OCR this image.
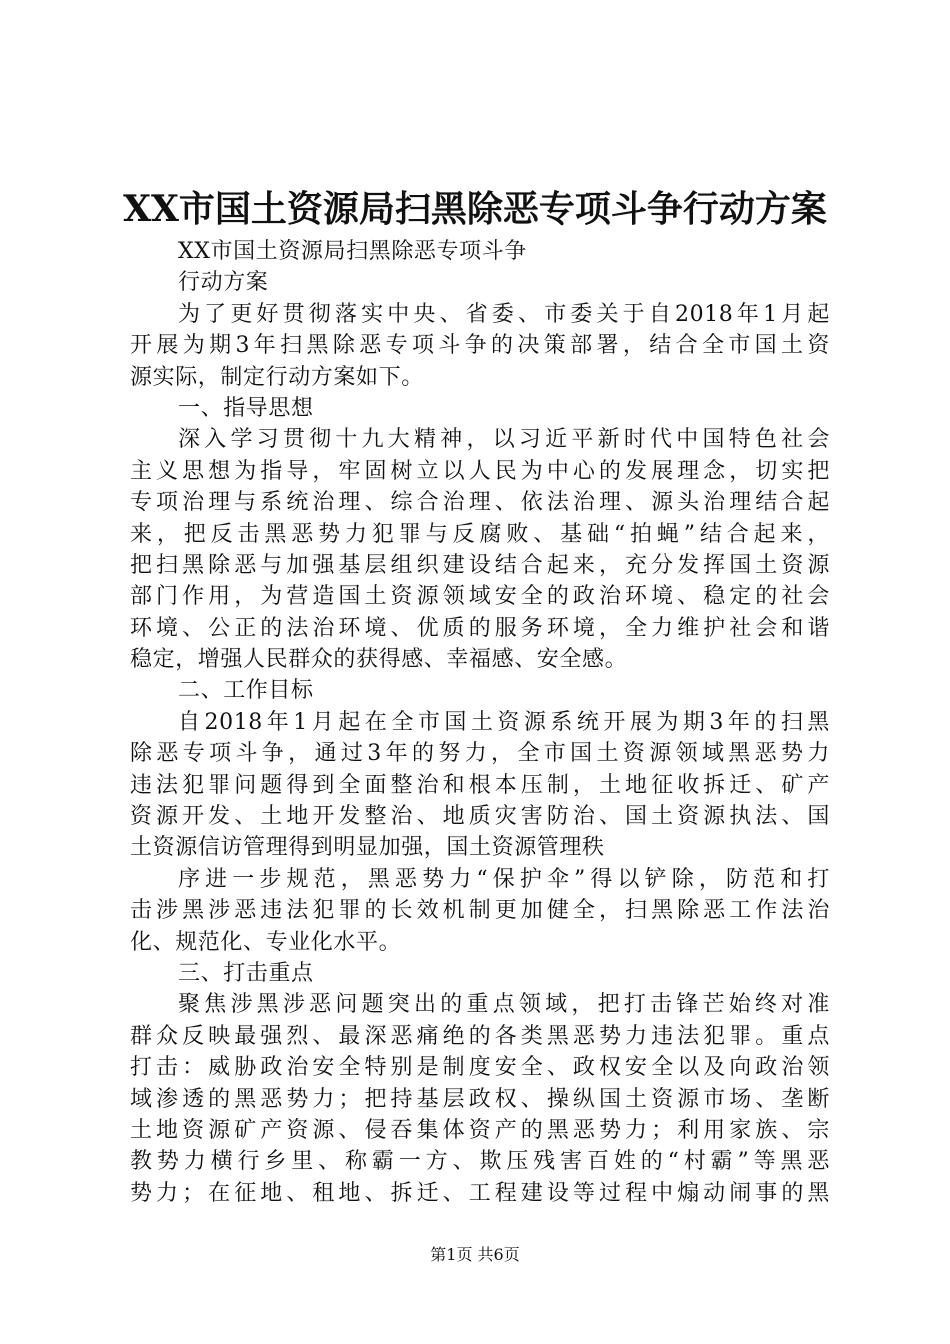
XX市国土资源局扫黑除恶专项斗争行动方案
XX市国土资源局扫黑除恶专项斗争
行动方案
为了更好贯彻落实中央、省委、市委关于自2018年1月起
开展为期3年扫黑除恶专项斗争的决策部署，结合全市国土资
源实际，制定行动方案如下。
一、指导思想
深入学习贯彻十九大精神，以习近平新时代中国特色社会
主义思想为指导，牢固树立以人民为中心的发展理念，切实把
专项治理与系统治理、综合治理、依法治理、源头治理结合起
来，把反击黑恶势力犯罪与反腐败、基础“拍蝇”结合起来，
把扫黑除恶与加强基层组织建设结合起来，充分发挥国土资源
部门作用，为营造国土资源领域安全的政治环境、稳定的社会
环境、公正的法治环境、优质的服务环境，全力维护社会和谐
稳定，增强人民群众的获得感、幸福感、安全感。
二、工作目标
自2018年1月起在全市国土资源系统开展为期3年的扫黑
除恶专项斗争，通过3年的努力，全市国土资源领域黑恶势力
违法犯罪问题得到全面整治和根本压制，土地征收拆迁、矿产
资源开发、土地开发整治、地质灾害防治、国土资源执法、国
土资源信访管理得到明显加强，国土资源管理秩
序进一步规范，黑恶势力“保护伞”得以铲除，防范和打
击涉黑涉恶违法犯罪的长效机制更加健全，扫黑除恶工作法治
化、规范化、专业化水平。
三、打击重点
聚焦涉黑涉恶问题突出的重点领域，把打击锋芒始终对准
群众反映最强烈、最深恶痛绝的各类黑恶势力违法犯罪。重点
打击：威胁政治安全特别是制度安全、政权安全以及向政治领
域渗透的黑恶势力；把持基层政权、操纵国土资源市场、垄断
土地资源矿产资源、侵吞集体资产的黑恶势力；利用家族、宗
教势力横行乡里、称霸一方、欺压残害百姓的“村霸”等黑恶
势力；在征地、租地、拆迁、工程建设等过程中煽动闹事的黑
第1页 共6页
